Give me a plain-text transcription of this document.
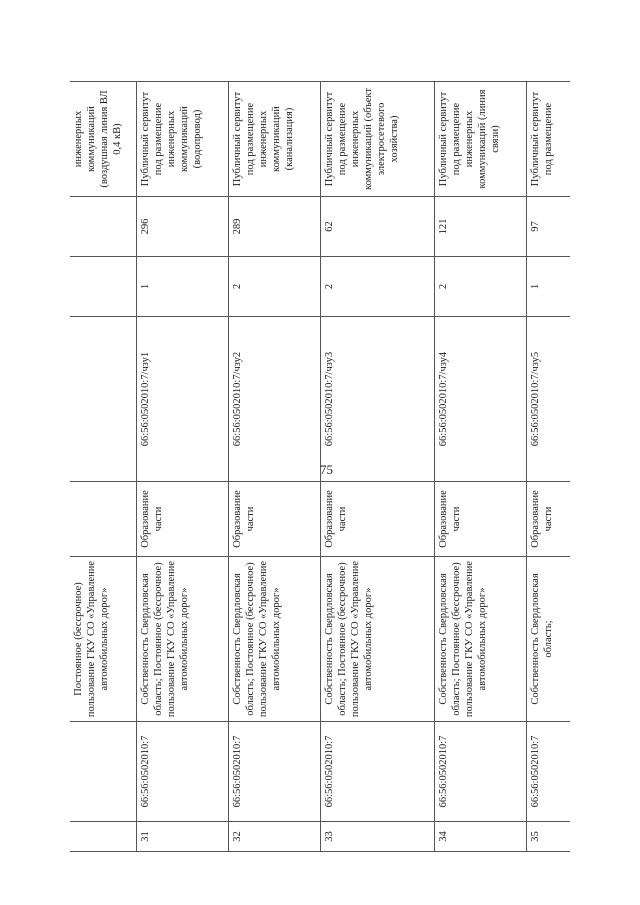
75
		Постоянное (бессрочное) пользование ГКУ СО «Управление автомобильных дорог»					инженерных коммуникаций (воздушная линия ВЛ 0,4 кВ)
31	66:56:0502010:7	Собственность Свердловская область; Постоянное (бессрочное) пользование ГКУ СО «Управление автомобильных дорог»	Образование части	66:56:0502010:7/чзу1	1	296	Публичный сервитут под размещение инженерных коммуникаций (водопровод)
32	66:56:0502010:7	Собственность Свердловская область; Постоянное (бессрочное) пользование ГКУ СО «Управление автомобильных дорог»	Образование части	66:56:0502010:7/чзу2	2	289	Публичный сервитут под размещение инженерных коммуникаций (канализация)
33	66:56:0502010:7	Собственность Свердловская область; Постоянное (бессрочное) пользование ГКУ СО «Управление автомобильных дорог»	Образование части	66:56:0502010:7/чзу3	2	62	Публичный сервитут под размещение инженерных коммуникаций (объект электросетевого хозяйства)
34	66:56:0502010:7	Собственность Свердловская область; Постоянное (бессрочное) пользование ГКУ СО «Управление автомобильных дорог»	Образование части	66:56:0502010:7/чзу4	2	121	Публичный сервитут под размещение инженерных коммуникаций (линия связи)
35	66:56:0502010:7	Собственность Свердловская область;	Образование части	66:56:0502010:7/чзу5	1	97	Публичный сервитут под размещение
